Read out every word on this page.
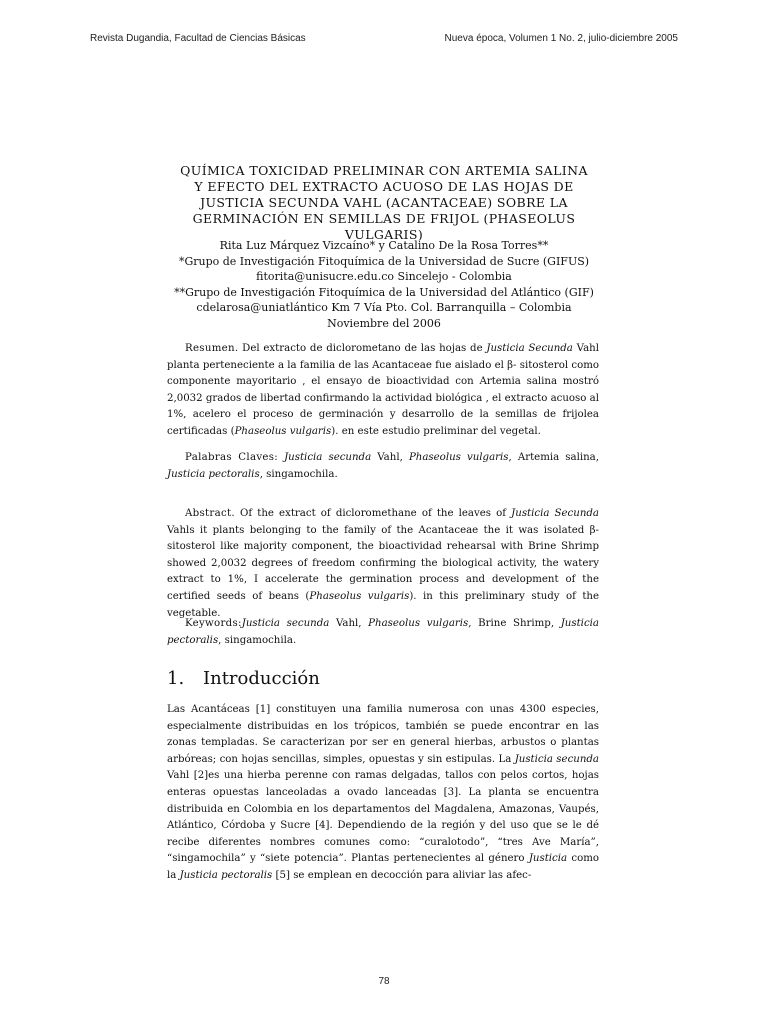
Revista Dugandia, Facultad de Ciencias Básicas	Nueva época, Volumen 1 No. 2, julio-diciembre 2005
QUÍMICA TOXICIDAD PRELIMINAR CON ARTEMIA SALINA
Y EFECTO DEL EXTRACTO ACUOSO DE LAS HOJAS DE
JUSTICIA SECUNDA VAHL (ACANTACEAE) SOBRE LA
GERMINACIÓN EN SEMILLAS DE FRIJOL (PHASEOLUS
VULGARIS)
Rita Luz Márquez Vizcaíno* y Catalino De la Rosa Torres**
*Grupo de Investigación Fitoquímica de la Universidad de Sucre (GIFUS)
fitorita@unisucre.edu.co Sincelejo - Colombia
**Grupo de Investigación Fitoquímica de la Universidad del Atlántico (GIF)
cdelarosa@uniatlántico Km 7 Vía Pto. Col. Barranquilla – Colombia
Noviembre del 2006
Resumen. Del extracto de diclorometano de las hojas de Justicia Secunda Vahl planta perteneciente a la familia de las Acantaceae fue aislado el β- sitosterol como componente mayoritario , el ensayo de bioactividad con Artemia salina mostró 2,0032 grados de libertad confirmando la actividad biológica , el extracto acuoso al 1%, acelero el proceso de germinación y desarrollo de la semillas de frijolea certificadas (Phaseolus vulgaris). en este estudio preliminar del vegetal.
Palabras Claves: Justicia secunda Vahl, Phaseolus vulgaris, Artemia salina, Justicia pectoralis, singamochila.
Abstract. Of the extract of dicloromethane of the leaves of Justicia Secunda Vahls it plants belonging to the family of the Acantaceae the it was isolated β- sitosterol like majority component, the bioactividad rehearsal with Brine Shrimp showed 2,0032 degrees of freedom confirming the biological activity, the watery extract to 1%, I accelerate the germination process and development of the certified seeds of beans (Phaseolus vulgaris). in this preliminary study of the vegetable.
Keywords:Justicia secunda Vahl, Phaseolus vulgaris, Brine Shrimp, Justicia pectoralis, singamochila.
1. Introducción
Las Acantáceas [1] constituyen una familia numerosa con unas 4300 especies, especialmente distribuidas en los trópicos, también se puede encontrar en las zonas templadas. Se caracterizan por ser en general hierbas, arbustos o plantas arbóreas; con hojas sencillas, simples, opuestas y sin estipulas. La Justicia secunda Vahl [2]es una hierba perenne con ramas delgadas, tallos con pelos cortos, hojas enteras opuestas lanceoladas a ovado lanceadas [3]. La planta se encuentra distribuida en Colombia en los departamentos del Magdalena, Amazonas, Vaupés, Atlántico, Córdoba y Sucre [4]. Dependiendo de la región y del uso que se le dé recibe diferentes nombres comunes como: “curalotodo”, “tres Ave María”, “singamochila” y “siete potencia”. Plantas pertenecientes al género Justicia como la Justicia pectoralis [5] se emplean en decocción para aliviar las afec-
78
